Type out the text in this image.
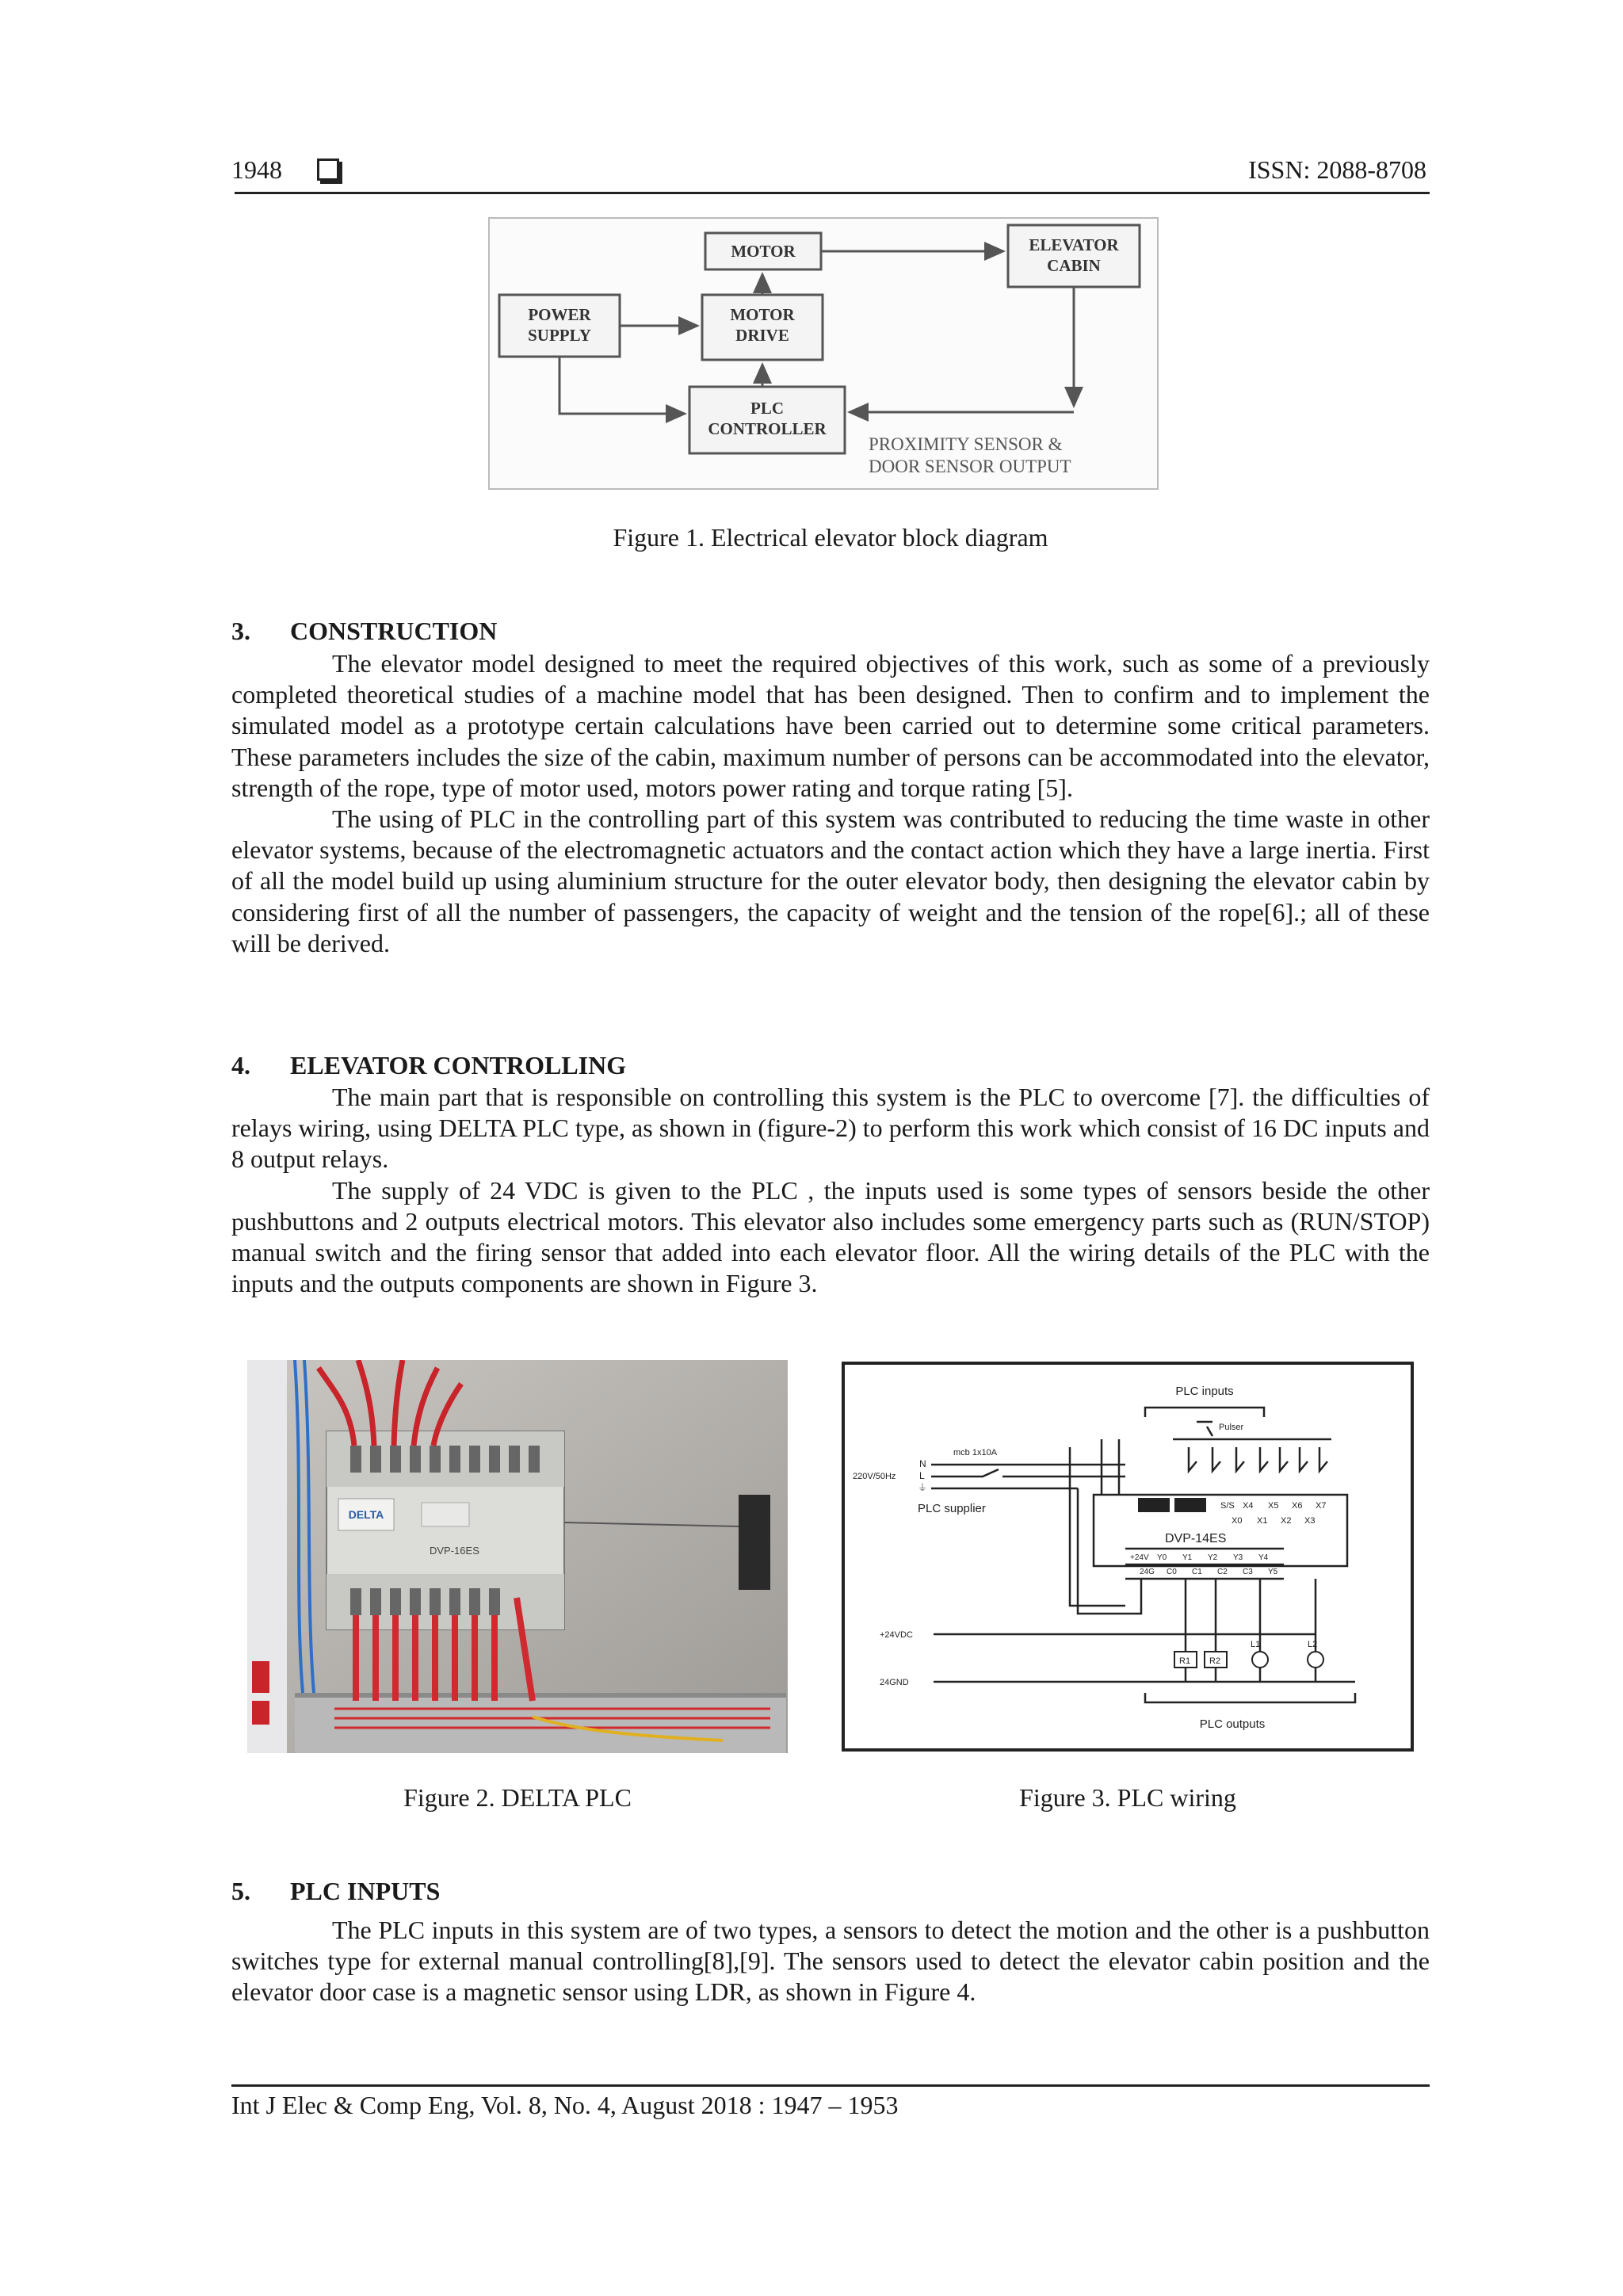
1948	ISSN: 2088-8708
MOTOR	ELEVATOR
CABIN
POWER
SUPPLY
MOTOR
DRIVE
PLC
CONTROLLER
PROXIMITY SENSOR &
DOOR SENSOR OUTPUT
Figure 1. Electrical elevator block diagram
3. CONSTRUCTION

The elevator model designed to meet the required objectives of this work, such as some of a previously completed theoretical studies of a machine model that has been designed. Then to confirm and to implement the simulated model as a prototype certain calculations have been carried out to determine some critical parameters. These parameters includes the size of the cabin, maximum number of persons can be accommodated into the elevator, strength of the rope, type of motor used, motors power rating and torque rating [5].

The using of PLC in the controlling part of this system was contributed to reducing the time waste in other elevator systems, because of the electromagnetic actuators and the contact action which they have a large inertia. First of all the model build up using aluminium structure for the outer elevator body, then designing the elevator cabin by considering first of all the number of passengers, the capacity of weight and the tension of the rope[6].; all of these will be derived.

4. ELEVATOR CONTROLLING

The main part that is responsible on controlling this system is the PLC to overcome [7]. the difficulties of relays wiring, using DELTA PLC type, as shown in (figure-2) to perform this work which consist of 16 DC inputs and 8 output relays.

The supply of 24 VDC is given to the PLC , the inputs used is some types of sensors beside the other pushbuttons and 2 outputs electrical motors. This elevator also includes some emergency parts such as (RUN/STOP) manual switch and the firing sensor that added into each elevator floor. All the wiring details of the PLC with the inputs and the outputs components are shown in Figure 3.

DELTA
DVP-16ES
Figure 2. DELTA PLC
PLC inputs
Pulser
mcb 1x10A
N
L
⏚
220V/50Hz
PLC supplier	S/S X4 X5 X6 X7
X0 X1 X2 X3
DVP-14ES
+24V Y0 Y1 Y2 Y3 Y4
24G C0 C1 C2 C3 Y5
+24VDC
24GND
R1 R2
L1	L2
PLC outputs
Figure 3. PLC wiring
5. PLC INPUTS

The PLC inputs in this system are of two types, a sensors to detect the motion and the other is a pushbutton switches type for external manual controlling[8],[9]. The sensors used to detect the elevator cabin position and the elevator door case is a magnetic sensor using LDR, as shown in Figure 4.

Int J Elec & Comp Eng, Vol. 8, No. 4, August 2018 : 1947 – 1953
